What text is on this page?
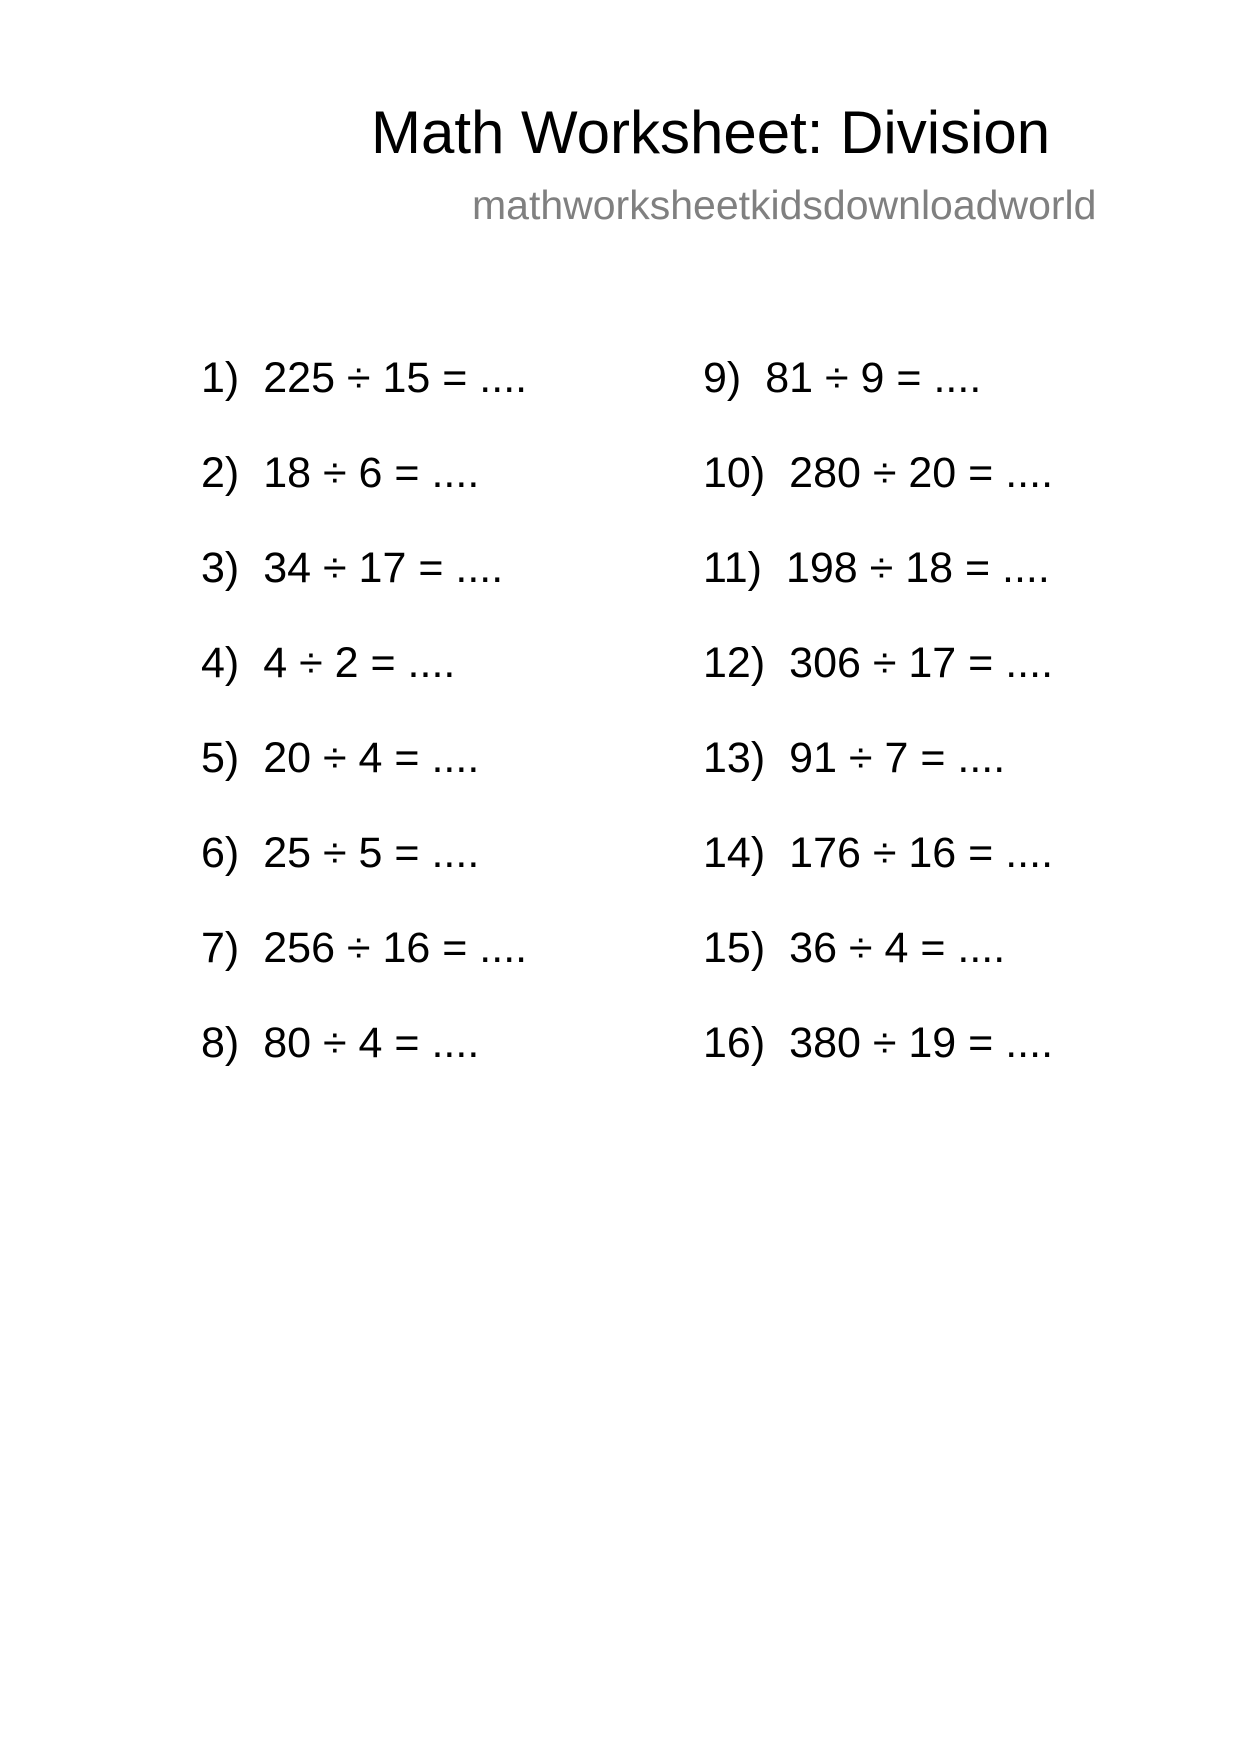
Math Worksheet: Division
mathworksheetkidsdownloadworld
1) 225 ÷ 15 = ....
2) 18 ÷ 6 = ....
3) 34 ÷ 17 = ....
4) 4 ÷ 2 = ....
5) 20 ÷ 4 = ....
6) 25 ÷ 5 = ....
7) 256 ÷ 16 = ....
8) 80 ÷ 4 = ....
9) 81 ÷ 9 = ....
10) 280 ÷ 20 = ....
11) 198 ÷ 18 = ....
12) 306 ÷ 17 = ....
13) 91 ÷ 7 = ....
14) 176 ÷ 16 = ....
15) 36 ÷ 4 = ....
16) 380 ÷ 19 = ....
